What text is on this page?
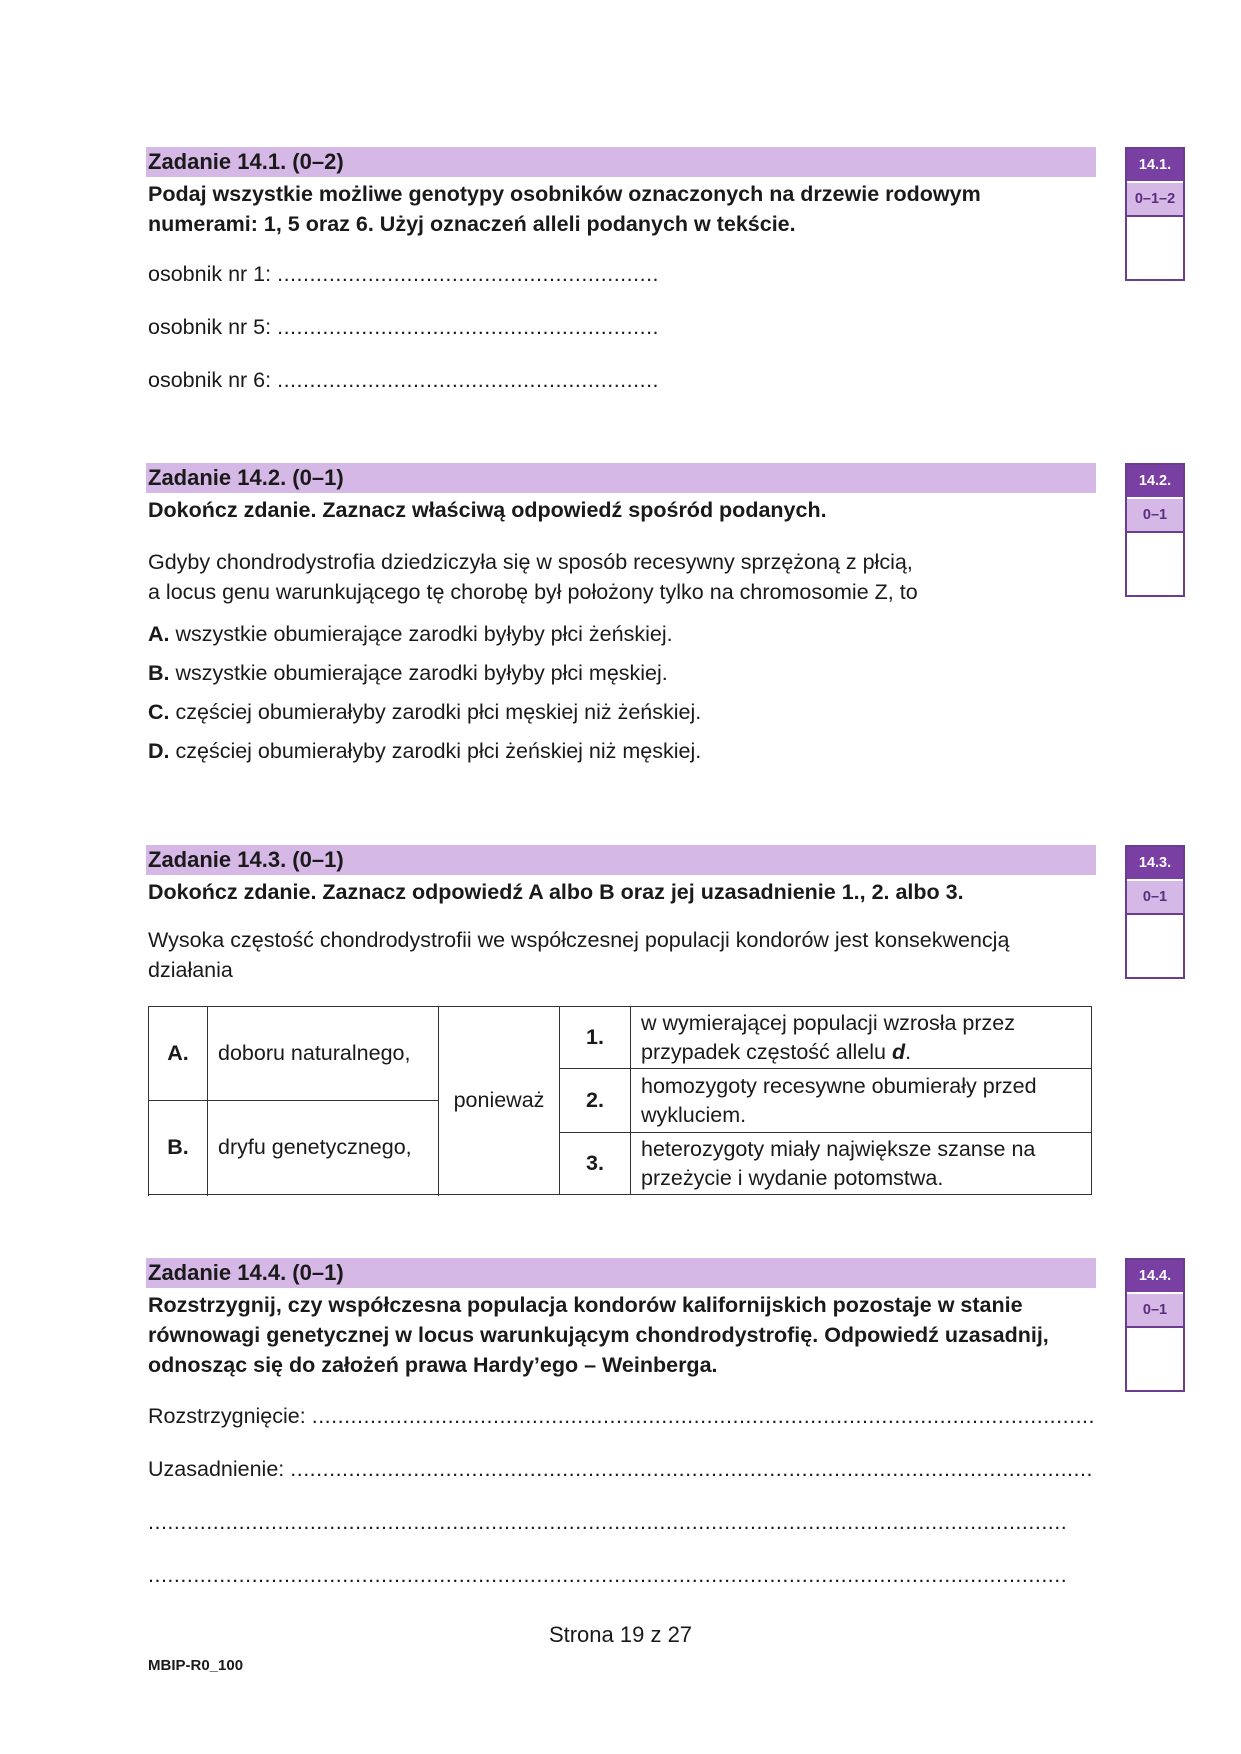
Zadanie 14.1. (0–2)
Podaj wszystkie możliwe genotypy osobników oznaczonych na drzewie rodowym numerami: 1, 5 oraz 6. Użyj oznaczeń alleli podanych w tekście.
osobnik nr 1: ...........................................................
osobnik nr 5: ...........................................................
osobnik nr 6: ...........................................................
14.1.
0–1–2
Zadanie 14.2. (0–1)
Dokończ zdanie. Zaznacz właściwą odpowiedź spośród podanych.
Gdyby chondrodystrofia dziedziczyła się w sposób recesywny sprzężoną z płcią,
a locus genu warunkującego tę chorobę był położony tylko na chromosomie Z, to
A. wszystkie obumierające zarodki byłyby płci żeńskiej.
B. wszystkie obumierające zarodki byłyby płci męskiej.
C. częściej obumierałyby zarodki płci męskiej niż żeńskiej.
D. częściej obumierałyby zarodki płci żeńskiej niż męskiej.
14.2.
0–1
Zadanie 14.3. (0–1)
Dokończ zdanie. Zaznacz odpowiedź A albo B oraz jej uzasadnienie 1., 2. albo 3.
Wysoka częstość chondrodystrofii we współczesnej populacji kondorów jest konsekwencją działania
A.	doboru naturalnego,	ponieważ	1.	w wymierającej populacji wzrosła przez
przypadek częstość allelu d.

			2.	homozygoty recesywne obumierały przed wykluciem.
B.	dryfu genetycznego,			
			3.	heterozygoty miały największe szanse na przeżycie i wydanie potomstwa.

14.3.
0–1
Zadanie 14.4. (0–1)
Rozstrzygnij, czy współczesna populacja kondorów kalifornijskich pozostaje w stanie równowagi genetycznej w locus warunkującym chondrodystrofię. Odpowiedź uzasadnij, odnosząc się do założeń prawa Hardy’ego – Weinberga.
Rozstrzygnięcie: .........................................................................................................................
Uzasadnienie: ............................................................................................................................
..............................................................................................................................................
..............................................................................................................................................
14.4.
0–1
Strona 19 z 27
MBIP-R0_100
